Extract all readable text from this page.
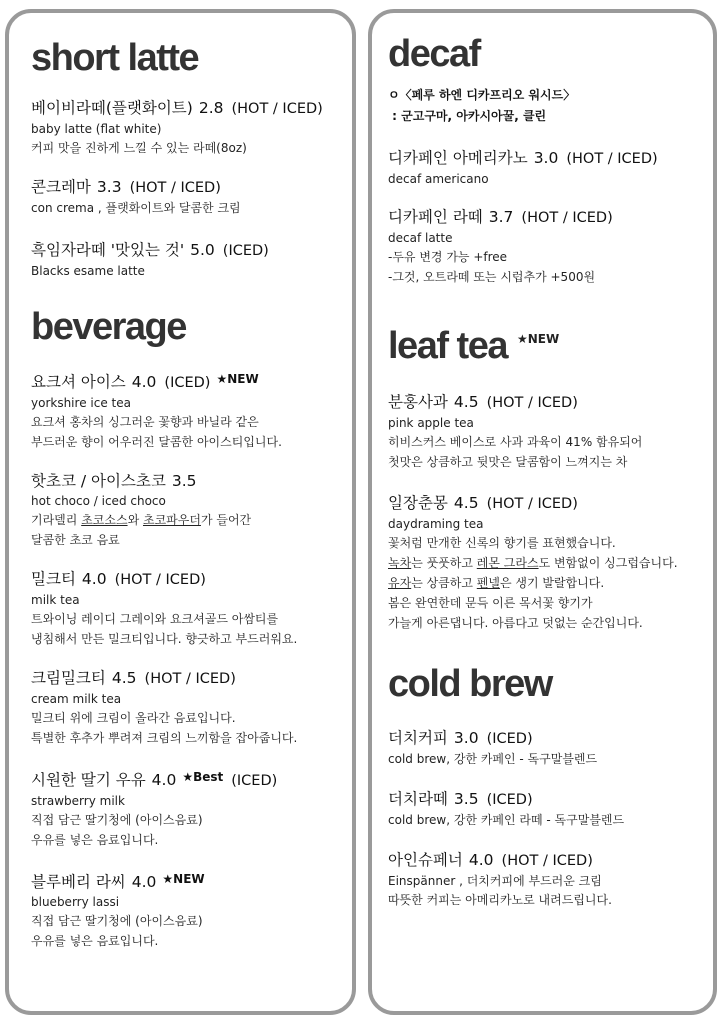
short latte
베이비라떼(플랫화이트) 2.8 (HOT / ICED)
baby latte (flat white)
커피 맛을 진하게 느낄 수 있는 라떼(8oz)
콘크레마 3.3 (HOT / ICED)
con crema , 플랫화이트와 달콤한 크림
흑임자라떼 '맛있는 것' 5.0 (ICED)
Blacks esame latte
beverage
요크셔 아이스 4.0 (ICED) $^{★NEW}$
yorkshire ice tea
요크셔 홍차의 싱그러운 꽃향과 바닐라 같은
부드러운 향이 어우러진 달콤한 아이스티입니다.
핫초코 / 아이스초코 3.5
hot choco / iced choco
기라델리 초코소스와 초코파우더가 들어간
달콤한 초코 음료
밀크티 4.0 (HOT / ICED)
milk tea
트와이닝 레이디 그레이와 요크셔골드 아쌈티를
냉침해서 만든 밀크티입니다. 향긋하고 부드러워요.
크림밀크티 4.5 (HOT / ICED)
cream milk tea
밀크티 위에 크림이 올라간 음료입니다.
특별한 후추가 뿌려져 크림의 느끼함을 잡아줍니다.
시원한 딸기 우유 4.0 $^{★Best}$ (ICED)
strawberry milk
직접 담근 딸기청에 (아이스음료)
우유를 넣은 음료입니다.
블루베리 라씨 4.0 $^{★NEW}$
blueberry lassi
직접 담근 딸기청에 (아이스음료)
우유를 넣은 음료입니다.
decaf
ㅇ〈페루 하엔 디카프리오 워시드〉
: 군고구마, 아카시아꿀, 클린
디카페인 아메리카노 3.0 (HOT / ICED)
decaf americano
디카페인 라떼 3.7 (HOT / ICED)
decaf latte
-두유 변경 가능 +free
-그것, 오트라떼 또는 시럽추가 +500원
leaf tea ★NEW
분홍사과 4.5 (HOT / ICED)
pink apple tea
히비스커스 베이스로 사과 과육이 41% 함유되어
첫맛은 상큼하고 뒷맛은 달콤함이 느껴지는 차
일장춘몽 4.5 (HOT / ICED)
daydraming tea
꽃처럼 만개한 신록의 향기를 표현했습니다.
녹차는 풋풋하고 레몬 그라스도 변함없이 싱그럽습니다.
유자는 상큼하고 펜넬은 생기 발랄합니다.
봄은 완연한데 문득 이른 목서꽃 향기가
가늘게 아른댑니다. 아름다고 덧없는 순간입니다.
cold brew
더치커피 3.0 (ICED)
cold brew, 강한 카페인 - 독구말블렌드
더치라떼 3.5 (ICED)
cold brew, 강한 카페인 라떼 - 독구말블렌드
아인슈페너 4.0 (HOT / ICED)
Einspänner , 더치커피에 부드러운 크림
따뜻한 커피는 아메리카노로 내려드립니다.
